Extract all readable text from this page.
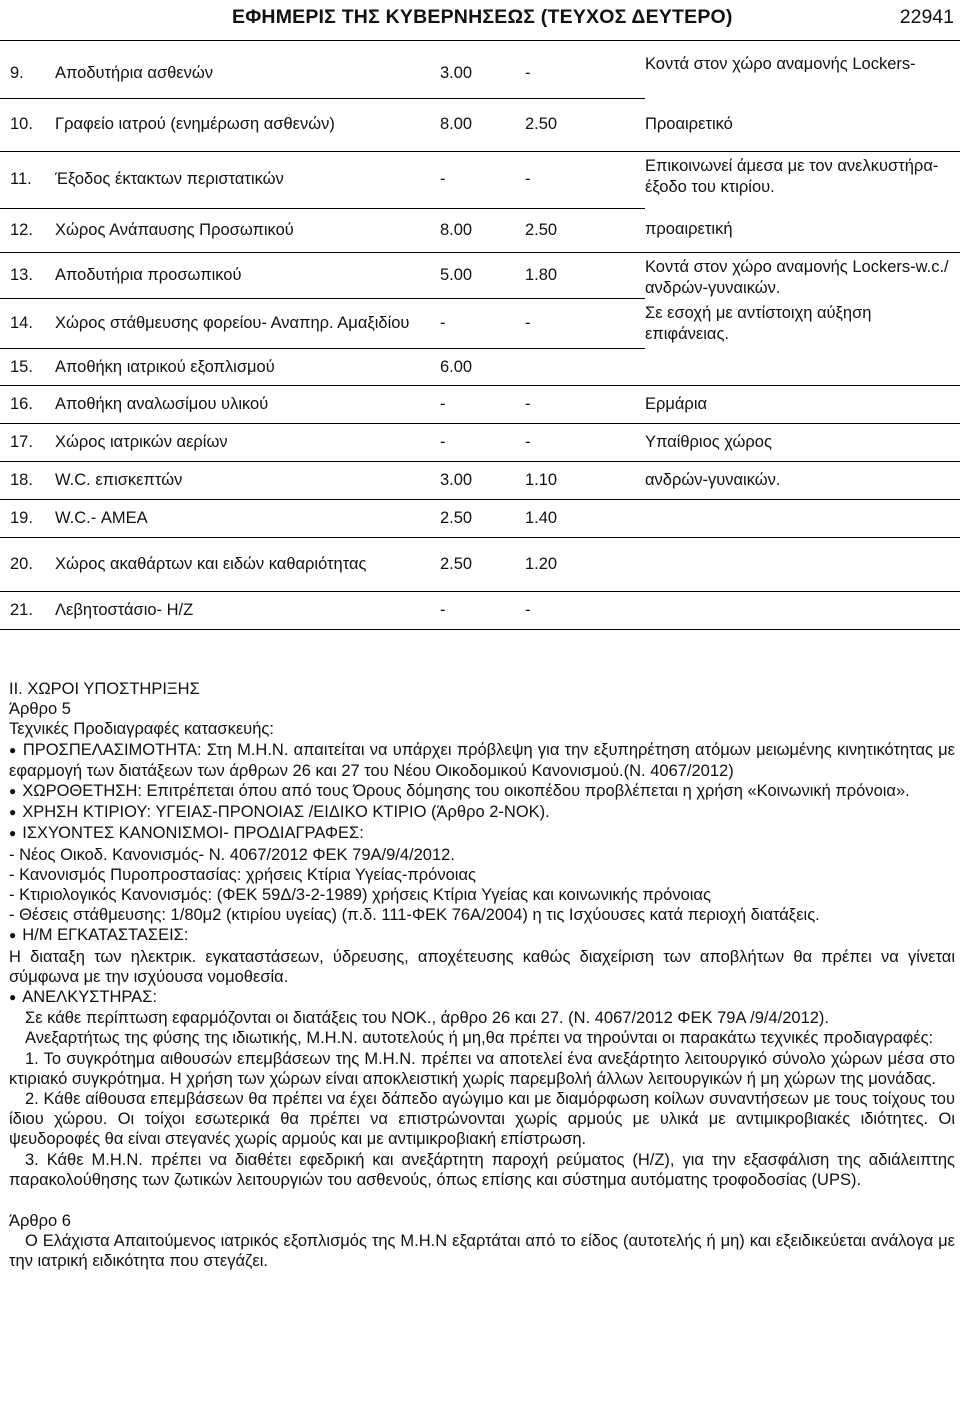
ΕΦΗΜΕΡΙΣ ΤΗΣ ΚΥΒΕΡΝΗΣΕΩΣ (ΤΕΥΧΟΣ ΔΕΥΤΕΡΟ)	22941
9.	Αποδυτήρια ασθενών	3.00	-	Κοντά στον χώρο αναμονής Lockers-
10.	Γραφείο ιατρού (ενημέρωση ασθενών)	8.00	2.50	Προαιρετικό
11.	Έξοδος έκτακτων περιστατικών	-	-	Επικοινωνεί άμεσα με τον ανελκυστήρα-έξοδο του κτιρίου.
12.	Χώρος Ανάπαυσης Προσωπικού	8.00	2.50	προαιρετική
13.	Αποδυτήρια προσωπικού	5.00	1.80	Κοντά στον χώρο αναμονής Lockers-w.c./ανδρών-γυναικών.
14.	Χώρος στάθμευσης φορείου- Αναπηρ. Αμαξιδίου	-	-	Σε εσοχή με αντίστοιχη αύξηση επιφάνειας.
15.	Αποθήκη ιατρικού εξοπλισμού	6.00		
16.	Αποθήκη αναλωσίμου υλικού	-	-	Ερμάρια
17.	Χώρος ιατρικών αερίων	-	-	Υπαίθριος χώρος
18.	W.C. επισκεπτών	3.00	1.10	ανδρών-γυναικών.
19.	W.C.- ΑΜΕΑ	2.50	1.40	
20.	Χώρος ακαθάρτων και ειδών καθαριότητας	2.50	1.20	
21.	Λεβητοστάσιο- Η/Ζ	-	-	

ΙΙ. ΧΩΡΟΙ ΥΠΟΣΤΗΡΙΞΗΣ

Άρθρο 5

Τεχνικές Προδιαγραφές κατασκευής:

● ΠΡΟΣΠΕΛΑΣΙΜΟΤΗΤΑ: Στη Μ.Η.Ν. απαιτείται να υπάρχει πρόβλεψη για την εξυπηρέτηση ατόμων μειωμένης κινητικότητας με εφαρμογή των διατάξεων των άρθρων 26 και 27 του Νέου Οικοδομικού Κανονισμού.(Ν. 4067/2012)

● ΧΩΡΟΘΕΤΗΣΗ: Επιτρέπεται όπου από τους Όρους δόμησης του οικοπέδου προβλέπεται η χρήση «Κοινωνική πρόνοια».

● ΧΡΗΣΗ ΚΤΙΡΙΟΥ: ΥΓΕΙΑΣ-ΠΡΟΝΟΙΑΣ /ΕΙΔΙΚΟ ΚΤΙΡΙΟ (Άρθρο 2-ΝΟΚ).

● ΙΣΧΥΟΝΤΕΣ ΚΑΝΟΝΙΣΜΟΙ- ΠΡΟΔΙΑΓΡΑΦΕΣ:

- Νέος Οικοδ. Κανονισμός- Ν. 4067/2012 ΦΕΚ 79Α/9/4/2012.

- Κανονισμός Πυροπροστασίας: χρήσεις Κτίρια Υγείας-πρόνοιας

- Κτιριολογικός Κανονισμός: (ΦΕΚ 59Δ/3-2-1989) χρήσεις Κτίρια Υγείας και κοινωνικής πρόνοιας

- Θέσεις στάθμευσης: 1/80μ2 (κτιρίου υγείας) (π.δ. 111-ΦΕΚ 76Α/2004) η τις Ισχύουσες κατά περιοχή διατάξεις.

● Η/Μ ΕΓΚΑΤΑΣΤΑΣΕΙΣ:

Η διαταξη των ηλεκτρικ. εγκαταστάσεων, ύδρευσης, αποχέτευσης καθώς διαχείριση των αποβλήτων θα πρέπει να γίνεται σύμφωνα με την ισχύουσα νομοθεσία.

● ΑΝΕΛΚΥΣΤΗΡΑΣ:

Σε κάθε περίπτωση εφαρμόζονται οι διατάξεις του ΝΟΚ., άρθρο 26 και 27. (Ν. 4067/2012 ΦΕΚ 79Α /9/4/2012).

Ανεξαρτήτως της φύσης της ιδιωτικής, Μ.Η.Ν. αυτοτελούς ή μη,θα πρέπει να τηρούνται οι παρακάτω τεχνικές προδιαγραφές:

1. Το συγκρότημα αιθουσών επεμβάσεων της Μ.Η.Ν. πρέπει να αποτελεί ένα ανεξάρτητο λειτουργικό σύνολο χώρων μέσα στο κτιριακό συγκρότημα. Η χρήση των χώρων είναι αποκλειστική χωρίς παρεμβολή άλλων λειτουργικών ή μη χώρων της μονάδας.

2. Κάθε αίθουσα επεμβάσεων θα πρέπει να έχει δάπεδο αγώγιμο και με διαμόρφωση κοίλων συναντήσεων με τους τοίχους του ίδιου χώρου. Οι τοίχοι εσωτερικά θα πρέπει να επιστρώνονται χωρίς αρμούς με υλικά με αντιμικροβιακές ιδιότητες. Οι ψευδοροφές θα είναι στεγανές χωρίς αρμούς και με αντιμικροβιακή επίστρωση.

3. Κάθε Μ.Η.Ν. πρέπει να διαθέτει εφεδρική και ανεξάρτητη παροχή ρεύματος (Η/Ζ), για την εξασφάλιση της αδιάλειπτης παρακολούθησης των ζωτικών λειτουργιών του ασθενούς, όπως επίσης και σύστημα αυτόματης τροφοδοσίας (UPS).

Άρθρο 6

Ο Ελάχιστα Απαιτούμενος ιατρικός εξοπλισμός της Μ.Η.Ν εξαρτάται από το είδος (αυτοτελής ή μη) και εξειδικεύεται ανάλογα με την ιατρική ειδικότητα που στεγάζει.
